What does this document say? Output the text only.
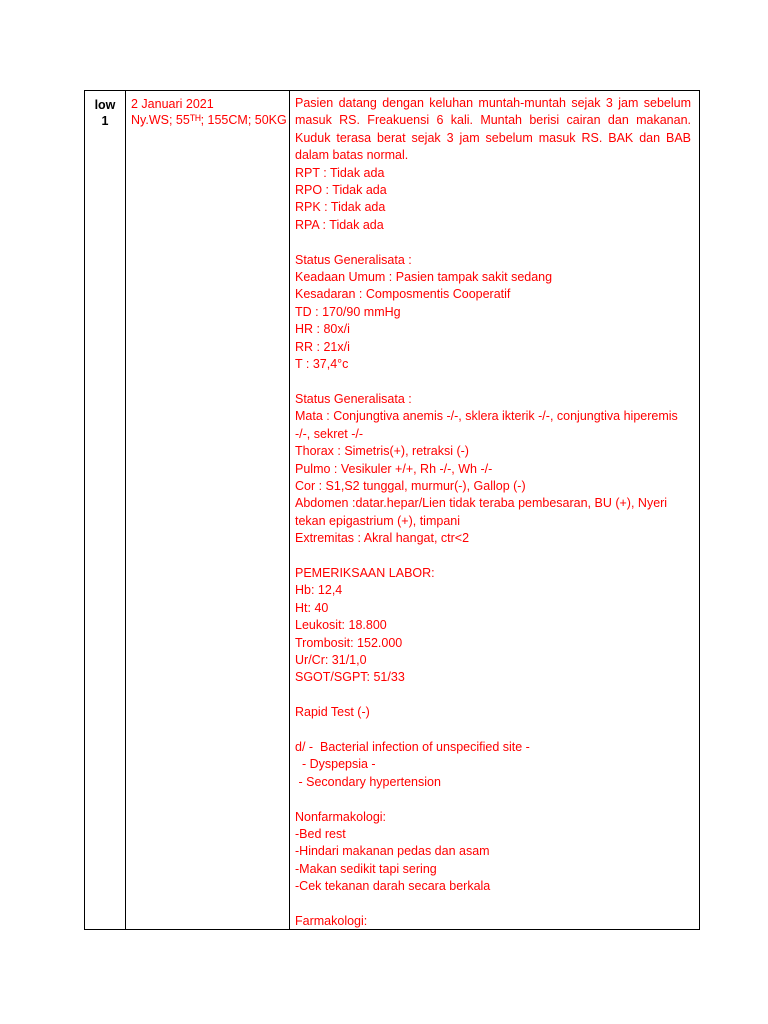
low
1
2 Januari 2021
Ny.WS; 55ᵀᴴ; 155CM; 50KG
Pasien datang dengan keluhan muntah-muntah sejak 3 jam sebelum masuk RS. Freakuensi 6 kali. Muntah berisi cairan dan makanan. Kuduk terasa berat sejak 3 jam sebelum masuk RS. BAK dan BAB dalam batas normal.
RPT : Tidak ada
RPO : Tidak ada
RPK : Tidak ada
RPA : Tidak ada
Status Generalisata :
Keadaan Umum : Pasien tampak sakit sedang
Kesadaran : Composmentis Cooperatif
TD : 170/90 mmHg
HR : 80x/i
RR : 21x/i
T : 37,4°c
Status Generalisata :
Mata : Conjungtiva anemis -/-, sklera ikterik -/-, conjungtiva hiperemis -/-, sekret -/-
Thorax : Simetris(+), retraksi (-)
Pulmo : Vesikuler +/+, Rh -/-, Wh -/-
Cor : S1,S2 tunggal, murmur(-), Gallop (-)
Abdomen :datar.hepar/Lien tidak teraba pembesaran, BU (+), Nyeri tekan epigastrium (+), timpani
Extremitas : Akral hangat, ctr<2
PEMERIKSAAN LABOR:
Hb: 12,4
Ht: 40
Leukosit: 18.800
Trombosit: 152.000
Ur/Cr: 31/1,0
SGOT/SGPT: 51/33
Rapid Test (-)
d/ -  Bacterial infection of unspecified site -
- Dyspepsia -
- Secondary hypertension
Nonfarmakologi:
-Bed rest
-Hindari makanan pedas dan asam
-Makan sedikit tapi sering
-Cek tekanan darah secara berkala
Farmakologi:
